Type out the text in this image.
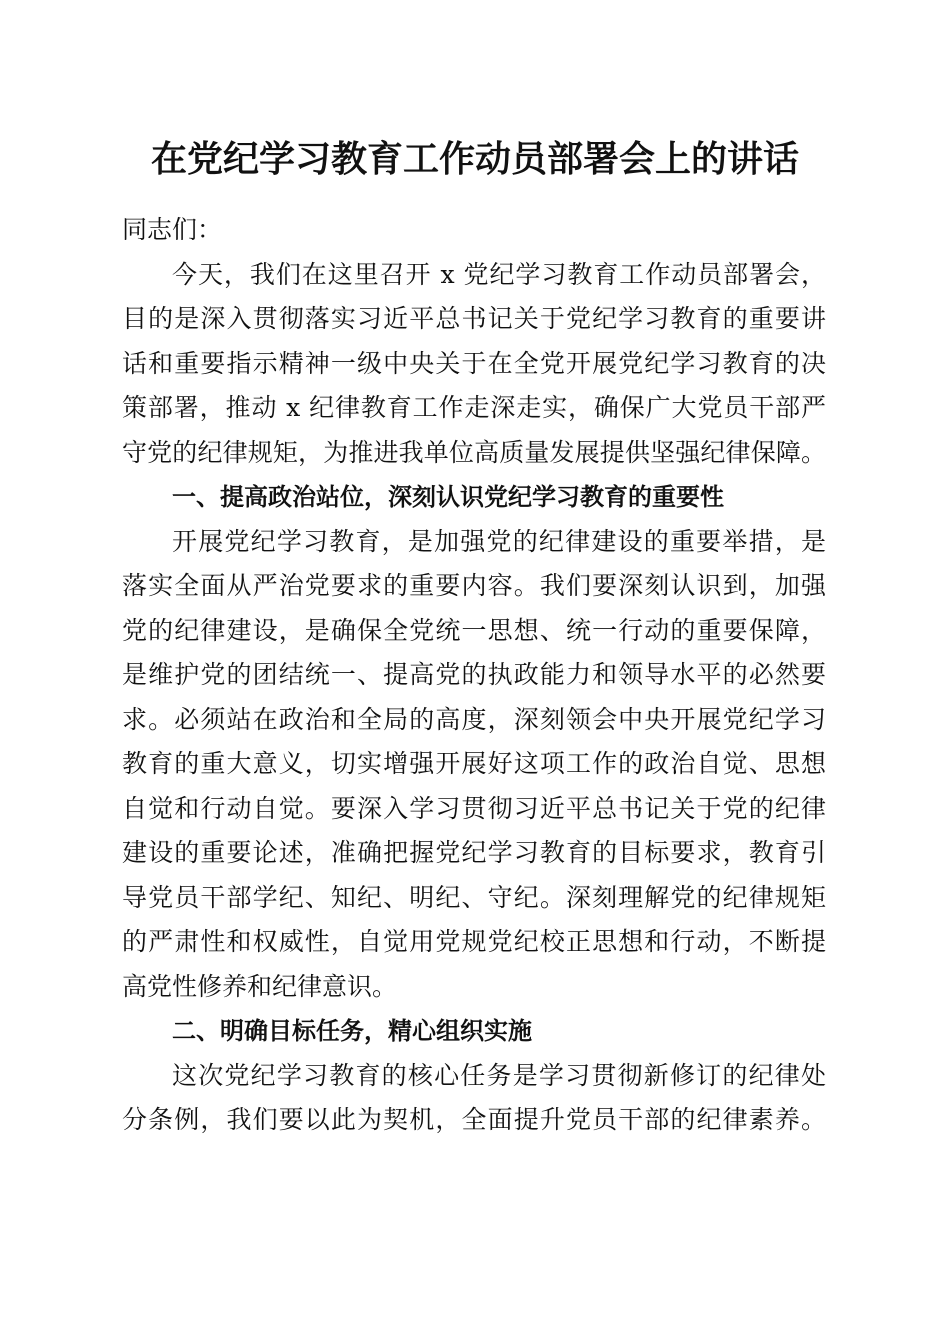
在党纪学习教育工作动员部署会上的讲话
同志们：
今天，我们在这里召开 x 党纪学习教育工作动员部署会，
目的是深入贯彻落实习近平总书记关于党纪学习教育的重要讲
话和重要指示精神一级中央关于在全党开展党纪学习教育的决
策部署，推动 x 纪律教育工作走深走实，确保广大党员干部严
守党的纪律规矩，为推进我单位高质量发展提供坚强纪律保障。
一、提高政治站位，深刻认识党纪学习教育的重要性
开展党纪学习教育，是加强党的纪律建设的重要举措，是
落实全面从严治党要求的重要内容。我们要深刻认识到，加强
党的纪律建设，是确保全党统一思想、统一行动的重要保障，
是维护党的团结统一、提高党的执政能力和领导水平的必然要
求。必须站在政治和全局的高度，深刻领会中央开展党纪学习
教育的重大意义，切实增强开展好这项工作的政治自觉、思想
自觉和行动自觉。要深入学习贯彻习近平总书记关于党的纪律
建设的重要论述，准确把握党纪学习教育的目标要求，教育引
导党员干部学纪、知纪、明纪、守纪。深刻理解党的纪律规矩
的严肃性和权威性，自觉用党规党纪校正思想和行动，不断提
高党性修养和纪律意识。
二、明确目标任务，精心组织实施
这次党纪学习教育的核心任务是学习贯彻新修订的纪律处
分条例，我们要以此为契机，全面提升党员干部的纪律素养。
